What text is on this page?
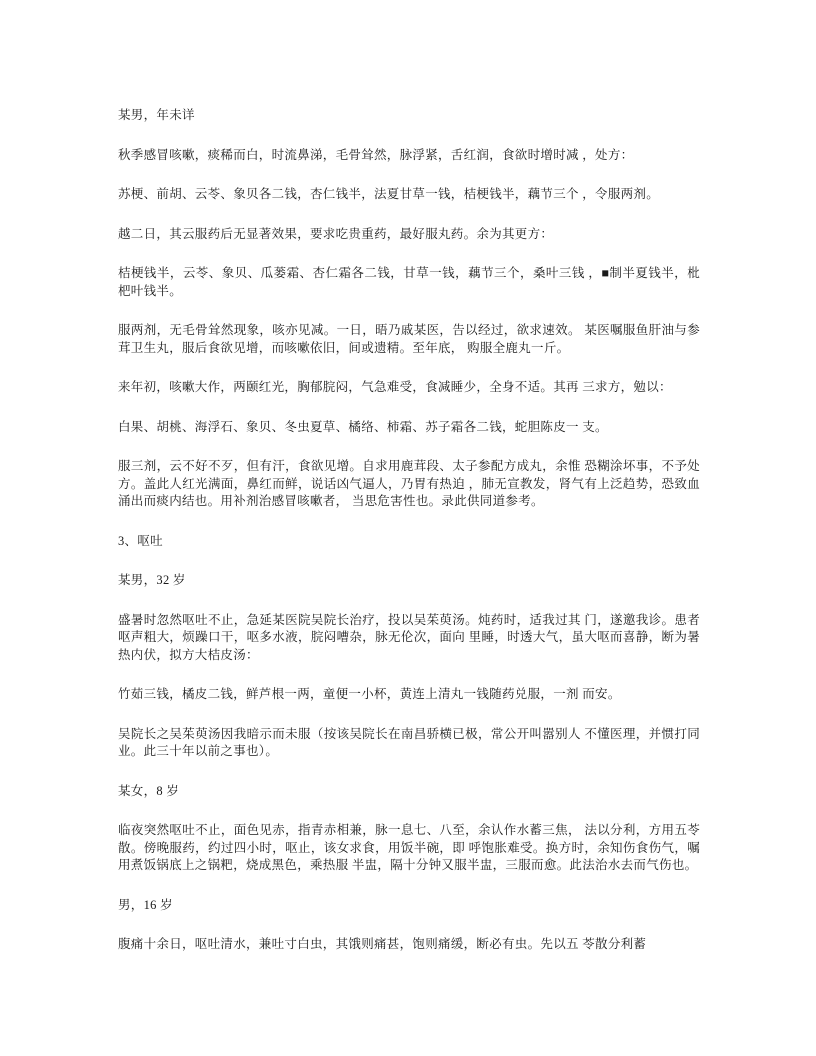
某男，年未详

秋季感冒咳嗽，痰稀而白，时流鼻涕，毛骨耸然，脉浮紧，舌红润，食欲时增时减 ，处方：

苏梗、前胡、云苓、象贝各二钱，杏仁钱半，法夏甘草一钱，桔梗钱半，藕节三个 ，令服两剂。

越二日，其云服药后无显著效果，要求吃贵重药，最好服丸药。余为其更方：

桔梗钱半，云苓、象贝、瓜蒌霜、杏仁霜各二钱，甘草一钱，藕节三个，桑叶三钱 ，■制半夏钱半，枇杷叶钱半。

服两剂，无毛骨耸然现象，咳亦见减。一日，晤乃戚某医，告以经过，欲求速效。 某医嘱服鱼肝油与参茸卫生丸，服后食欲见增，而咳嗽依旧，间或遗精。至年底， 购服全鹿丸一斤。

来年初，咳嗽大作，两颐红光，胸郁脘闷，气急难受，食减睡少，全身不适。其再 三求方，勉以：

白果、胡桃、海浮石、象贝、冬虫夏草、橘络、柿霜、苏子霜各二钱，蛇胆陈皮一 支。

服三剂，云不好不歹，但有汗，食欲见增。自求用鹿茸段、太子参配方成丸，余惟 恐糊涂坏事，不予处方。盖此人红光满面，鼻红而鲜，说话凶气逼人，乃胃有热迫 ，肺无宣教发，肾气有上泛趋势，恐致血涌出而痰内结也。用补剂治感冒咳嗽者， 当思危害性也。录此供同道参考。

3、呕吐

某男，32 岁

盛暑时忽然呕吐不止，急延某医院吴院长治疗，投以吴茱萸汤。炖药时，适我过其 门，遂邀我诊。患者呕声粗大，烦躁口干，呕多水液，脘闷嘈杂，脉无伦次，面向 里睡，时透大气，虽大呕而喜静，断为暑热内伏，拟方大桔皮汤：

竹茹三钱，橘皮二钱，鲜芦根一两，童便一小杯，黄连上清丸一钱随药兑服，一剂 而安。

吴院长之吴茱萸汤因我暗示而未服（按该吴院长在南昌骄横已极，常公开叫嚣别人 不懂医理，并惯打同业。此三十年以前之事也）。

某女，8 岁

临夜突然呕吐不止，面色见赤，指青赤相兼，脉一息七、八至，余认作水蓄三焦， 法以分利，方用五苓散。傍晚服药，约过四小时，呕止，该女求食，用饭半碗，即 呼饱胀难受。换方时，余知伤食伤气，嘱用煮饭锅底上之锅粑，烧成黑色，乘热服 半盅，隔十分钟又服半盅，三服而愈。此法治水去而气伤也。

男，16 岁

腹痛十余日，呕吐清水，兼吐寸白虫，其饿则痛甚，饱则痛缓，断必有虫。先以五 苓散分利蓄
